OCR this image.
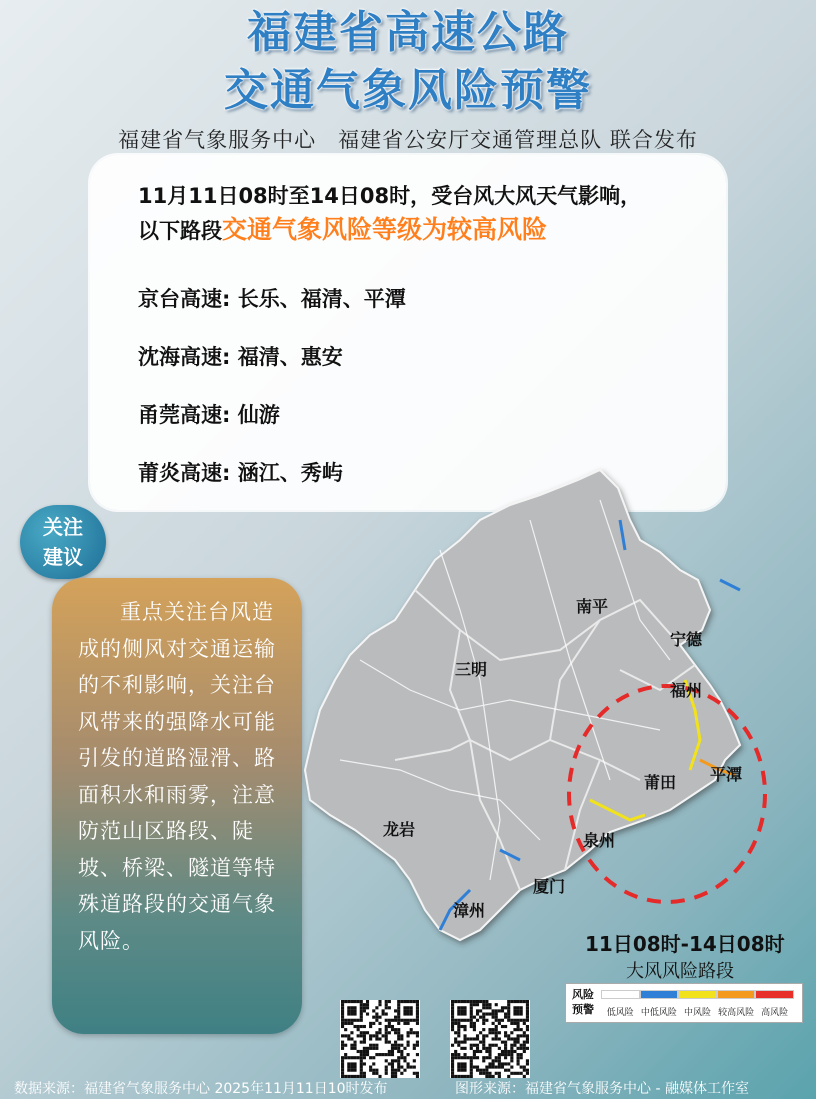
福建省高速公路
交通气象风险预警
福建省气象服务中心　福建省公安厅交通管理总队 联合发布
11月11日08时至14日08时，受台风大风天气影响，
以下路段交通气象风险等级为较高风险
京台高速: 长乐、福清、平潭
沈海高速: 福清、惠安
甬莞高速: 仙游
莆炎高速: 涵江、秀屿
关注
建议
重点关注台风造成的侧风对交通运输的不利影响，关注台风带来的强降水可能引发的道路湿滑、路面积水和雨雾，注意防范山区路段、陡坡、桥梁、隧道等特殊道路段的交通气象风险。
南平
宁德
三明
福州
莆田 平潭
泉州
龙岩
厦门
漳州
11日08时-14日08时
大风风险路段
风险
预警	低风险 中低风险 中风险 较高风险 高风险
数据来源：福建省气象服务中心 2025年11月11日10时发布	图形来源：福建省气象服务中心 - 融媒体工作室
